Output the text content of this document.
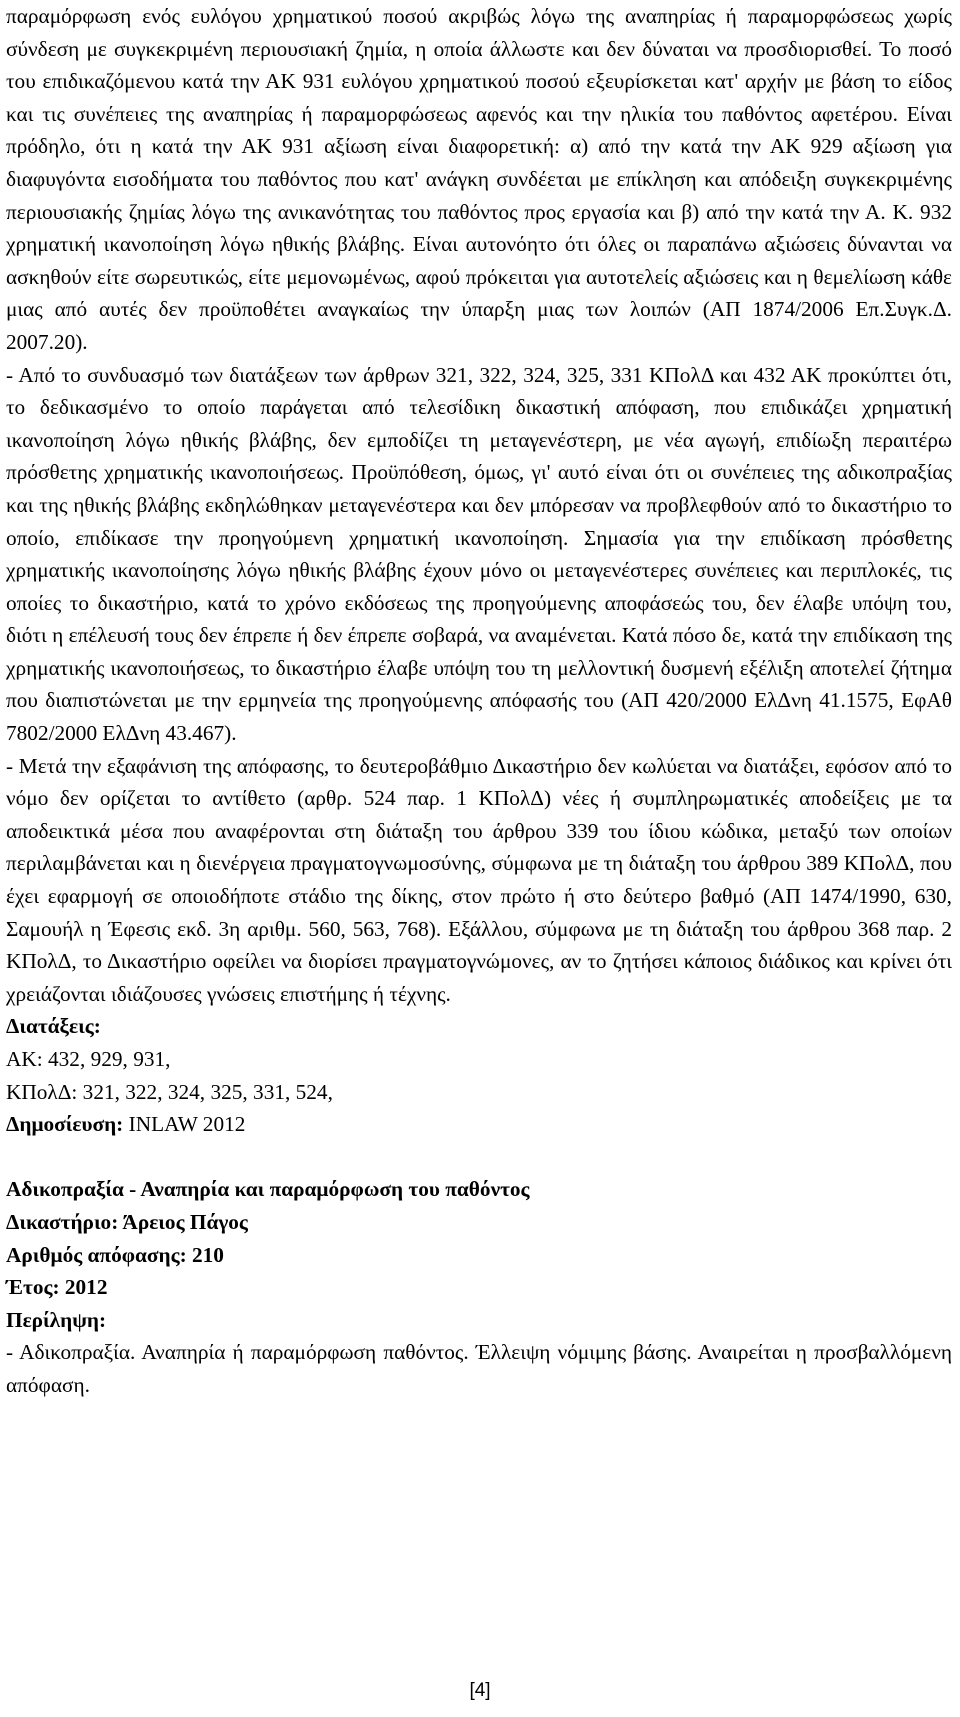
παραμόρφωση ενός ευλόγου χρηματικού ποσού ακριβώς λόγω της αναπηρίας ή παραμορφώσεως χωρίς σύνδεση με συγκεκριμένη περιουσιακή ζημία, η οποία άλλωστε και δεν δύναται να προσδιορισθεί. Το ποσό του επιδικαζόμενου κατά την ΑΚ 931 ευλόγου χρηματικού ποσού εξευρίσκεται κατ' αρχήν με βάση το είδος και τις συνέπειες της αναπηρίας ή παραμορφώσεως αφενός και την ηλικία του παθόντος αφετέρου. Είναι πρόδηλο, ότι η κατά την ΑΚ 931 αξίωση είναι διαφορετική: α) από την κατά την ΑΚ 929 αξίωση για διαφυγόντα εισοδήματα του παθόντος που κατ' ανάγκη συνδέεται με επίκληση και απόδειξη συγκεκριμένης περιουσιακής ζημίας λόγω της ανικανότητας του παθόντος προς εργασία και β) από την κατά την Α. Κ. 932 χρηματική ικανοποίηση λόγω ηθικής βλάβης. Είναι αυτονόητο ότι όλες οι παραπάνω αξιώσεις δύνανται να ασκηθούν είτε σωρευτικώς, είτε μεμονωμένως, αφού πρόκειται για αυτοτελείς αξιώσεις και η θεμελίωση κάθε μιας από αυτές δεν προϋποθέτει αναγκαίως την ύπαρξη μιας των λοιπών (ΑΠ 1874/2006 Επ.Συγκ.Δ. 2007.20).

- Από το συνδυασμό των διατάξεων των άρθρων 321, 322, 324, 325, 331 ΚΠολΔ και 432 ΑΚ προκύπτει ότι, το δεδικασμένο το οποίο παράγεται από τελεσίδικη δικαστική απόφαση, που επιδικάζει χρηματική ικανοποίηση λόγω ηθικής βλάβης, δεν εμποδίζει τη μεταγενέστερη, με νέα αγωγή, επιδίωξη περαιτέρω πρόσθετης χρηματικής ικανοποιήσεως. Προϋπόθεση, όμως, γι' αυτό είναι ότι οι συνέπειες της αδικοπραξίας και της ηθικής βλάβης εκδηλώθηκαν μεταγενέστερα και δεν μπόρεσαν να προβλεφθούν από το δικαστήριο το οποίο, επιδίκασε την προηγούμενη χρηματική ικανοποίηση. Σημασία για την επιδίκαση πρόσθετης χρηματικής ικανοποίησης λόγω ηθικής βλάβης έχουν μόνο οι μεταγενέστερες συνέπειες και περιπλοκές, τις οποίες το δικαστήριο, κατά το χρόνο εκδόσεως της προηγούμενης αποφάσεώς του, δεν έλαβε υπόψη του, διότι η επέλευσή τους δεν έπρεπε ή δεν έπρεπε σοβαρά, να αναμένεται. Κατά πόσο δε, κατά την επιδίκαση της χρηματικής ικανοποιήσεως, το δικαστήριο έλαβε υπόψη του τη μελλοντική δυσμενή εξέλιξη αποτελεί ζήτημα που διαπιστώνεται με την ερμηνεία της προηγούμενης απόφασής του (ΑΠ 420/2000 ΕλΔνη 41.1575, ΕφΑθ 7802/2000 ΕλΔνη 43.467).

- Μετά την εξαφάνιση της απόφασης, το δευτεροβάθμιο Δικαστήριο δεν κωλύεται να διατάξει, εφόσον από το νόμο δεν ορίζεται το αντίθετο (αρθρ. 524 παρ. 1 ΚΠολΔ) νέες ή συμπληρωματικές αποδείξεις με τα αποδεικτικά μέσα που αναφέρονται στη διάταξη του άρθρου 339 του ίδιου κώδικα, μεταξύ των οποίων περιλαμβάνεται και η διενέργεια πραγματογνωμοσύνης, σύμφωνα με τη διάταξη του άρθρου 389 ΚΠολΔ, που έχει εφαρμογή σε οποιοδήποτε στάδιο της δίκης, στον πρώτο ή στο δεύτερο βαθμό (ΑΠ 1474/1990, 630, Σαμουήλ η Έφεσις εκδ. 3η αριθμ. 560, 563, 768). Εξάλλου, σύμφωνα με τη διάταξη του άρθρου 368 παρ. 2 ΚΠολΔ, το Δικαστήριο οφείλει να διορίσει πραγματογνώμονες, αν το ζητήσει κάποιος διάδικος και κρίνει ότι χρειάζονται ιδιάζουσες γνώσεις επιστήμης ή τέχνης.

Διατάξεις:

ΑΚ: 432, 929, 931,

ΚΠολΔ: 321, 322, 324, 325, 331, 524,

Δημοσίευση: INLAW 2012

Αδικοπραξία - Αναπηρία και παραμόρφωση του παθόντος

Δικαστήριο: Άρειος Πάγος

Αριθμός απόφασης: 210

Έτος: 2012

Περίληψη:

- Αδικοπραξία. Αναπηρία ή παραμόρφωση παθόντος. Έλλειψη νόμιμης βάσης. Αναιρείται η προσβαλλόμενη απόφαση.

[4]
